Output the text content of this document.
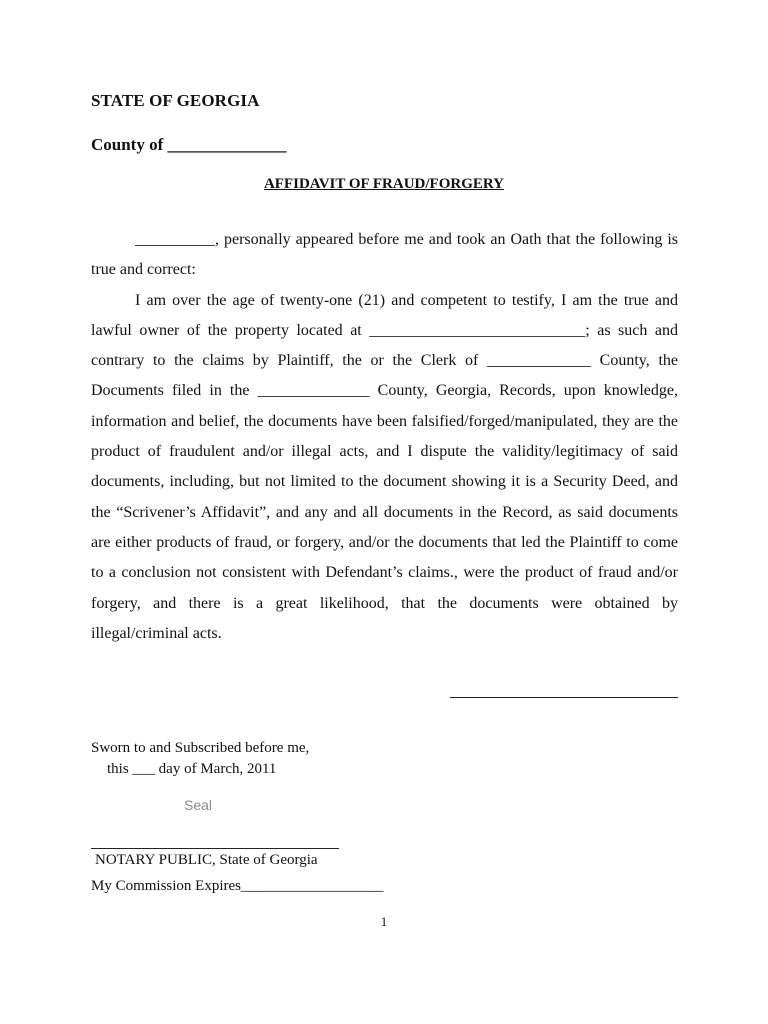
STATE OF GEORGIA
County of ______________
AFFIDAVIT OF FRAUD/FORGERY

__________, personally appeared before me and took an Oath that the following is true and correct:

I am over the age of twenty-one (21) and competent to testify, I am the true and lawful owner of the property located at ___________________________; as such and contrary to the claims by Plaintiff, the or the Clerk of _____________ County, the Documents filed in the ______________ County, Georgia, Records, upon knowledge, information and belief, the documents have been falsified/forged/manipulated, they are the product of fraudulent and/or illegal acts, and I dispute the validity/legitimacy of said documents, including, but not limited to the document showing it is a Security Deed, and the “Scrivener’s Affidavit”, and any and all documents in the Record, as said documents are either products of fraud, or forgery, and/or the documents that led the Plaintiff to come to a conclusion not consistent with Defendant’s claims., were the product of fraud and/or forgery, and there is a great likelihood, that the documents were obtained by illegal/criminal acts.

Sworn to and Subscribed before me,

this ___ day of March, 2011

Seal

NOTARY PUBLIC, State of Georgia

My Commission Expires___________________

1
